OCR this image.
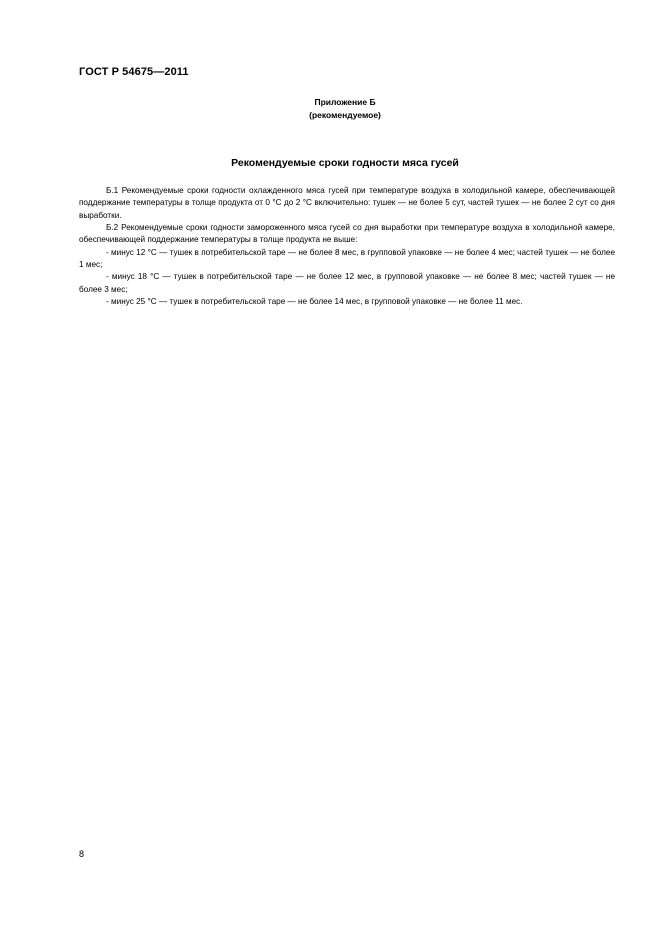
ГОСТ Р 54675—2011
Приложение Б
(рекомендуемое)
Рекомендуемые сроки годности мяса гусей

Б.1 Рекомендуемые сроки годности охлажденного мяса гусей при температуре воздуха в холодильной камере, обеспечивающей поддержание температуры в толще продукта от 0 °С до 2 °С включительно: тушек — не более 5 сут, частей тушек — не более 2 сут со дня выработки.

Б.2 Рекомендуемые сроки годности замороженного мяса гусей со дня выработки при температуре воздуха в холодильной камере, обеспечивающей поддержание температуры в толще продукта не выше:

- минус 12 °С — тушек в потребительской таре — не более 8 мес, в групповой упаковке — не более 4 мес; частей тушек — не более 1 мес;

- минус 18 °С — тушек в потребительской таре — не более 12 мес, в групповой упаковке — не более 8 мес; частей тушек — не более 3 мес;

- минус 25 °С — тушек в потребительской таре — не более 14 мес, в групповой упаковке — не более 11 мес.

8
